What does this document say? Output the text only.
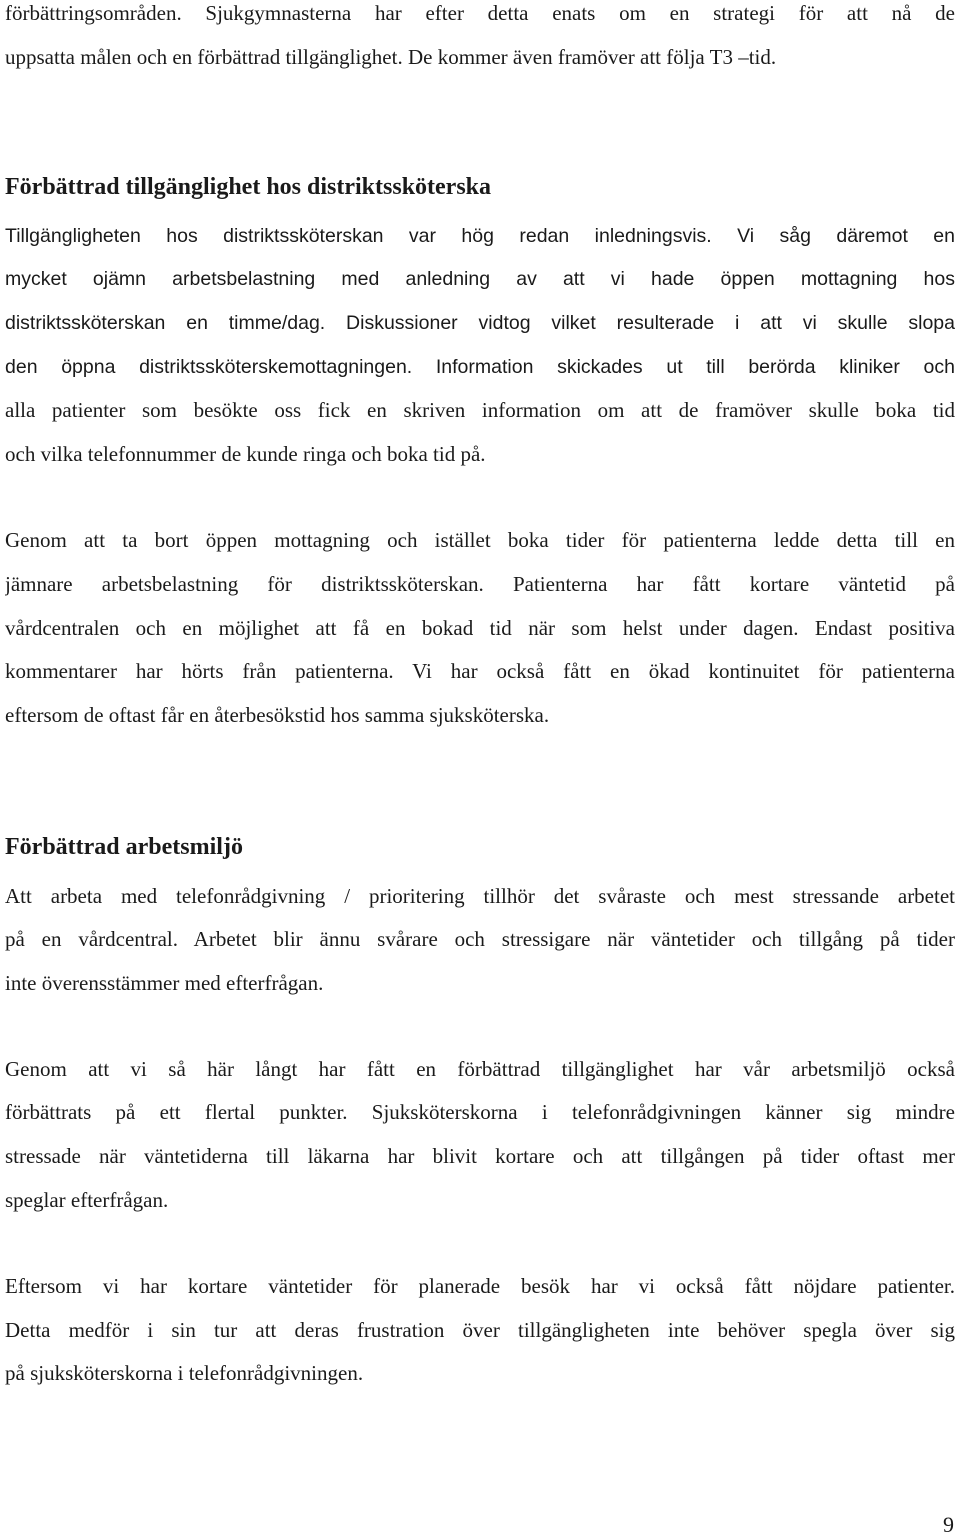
förbättringsområden. Sjukgymnasterna har efter detta enats om en strategi för att nå de
uppsatta målen och en förbättrad tillgänglighet. De kommer även framöver att följa T3 –tid.
Förbättrad tillgänglighet hos distriktssköterska
Tillgängligheten hos distriktssköterskan var hög redan inledningsvis. Vi såg däremot en
mycket ojämn arbetsbelastning med anledning av att vi hade öppen mottagning hos
distriktssköterskan en timme/dag. Diskussioner vidtog vilket resulterade i att vi skulle slopa
den öppna distriktssköterskemottagningen. Information skickades ut till berörda kliniker och
alla patienter som besökte oss fick en skriven information om att de framöver skulle boka tid
och vilka telefonnummer de kunde ringa och boka tid på.
Genom att ta bort öppen mottagning och istället boka tider för patienterna ledde detta till en
jämnare arbetsbelastning för distriktssköterskan. Patienterna har fått kortare väntetid på
vårdcentralen och en möjlighet att få en bokad tid när som helst under dagen. Endast positiva
kommentarer har hörts från patienterna. Vi har också fått en ökad kontinuitet för patienterna
eftersom de oftast får en återbesökstid hos samma sjuksköterska.
Förbättrad arbetsmiljö
Att arbeta med telefonrådgivning / prioritering tillhör det svåraste och mest stressande arbetet
på en vårdcentral. Arbetet blir ännu svårare och stressigare när väntetider och tillgång på tider
inte överensstämmer med efterfrågan.
Genom att vi så här långt har fått en förbättrad tillgänglighet har vår arbetsmiljö också
förbättrats på ett flertal punkter. Sjuksköterskorna i telefonrådgivningen känner sig mindre
stressade när väntetiderna till läkarna har blivit kortare och att tillgången på tider oftast mer
speglar efterfrågan.
Eftersom vi har kortare väntetider för planerade besök har vi också fått nöjdare patienter.
Detta medför i sin tur att deras frustration över tillgängligheten inte behöver spegla över sig
på sjuksköterskorna i telefonrådgivningen.
9
